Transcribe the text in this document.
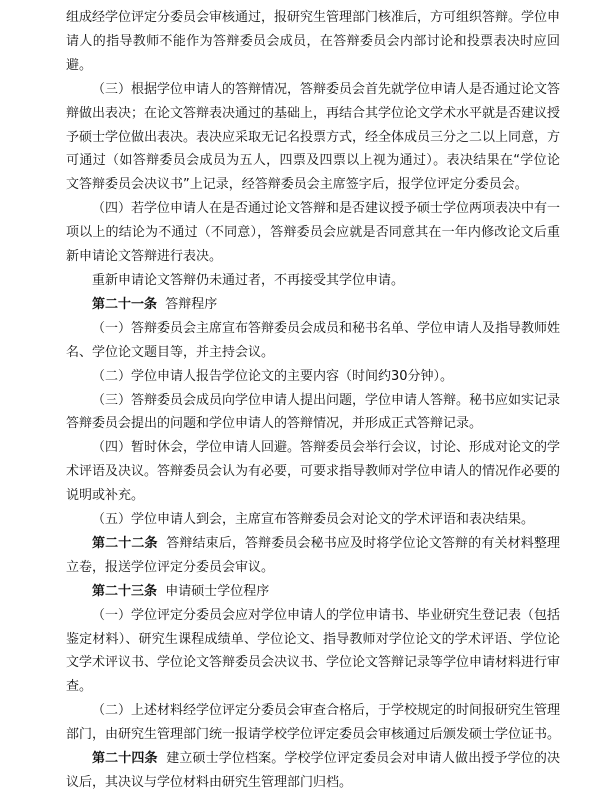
组成经学位评定分委员会审核通过，报研究生管理部门核准后，方可组织答辩。学位申请人的指导教师不能作为答辩委员会成员，在答辩委员会内部讨论和投票表决时应回避。

（三）根据学位申请人的答辩情况，答辩委员会首先就学位申请人是否通过论文答辩做出表决；在论文答辩表决通过的基础上，再结合其学位论文学术水平就是否建议授予硕士学位做出表决。表决应采取无记名投票方式，经全体成员三分之二以上同意，方可通过（如答辩委员会成员为五人，四票及四票以上视为通过）。表决结果在“学位论文答辩委员会决议书”上记录，经答辩委员会主席签字后，报学位评定分委员会。

（四）若学位申请人在是否通过论文答辩和是否建议授予硕士学位两项表决中有一项以上的结论为不通过（不同意），答辩委员会应就是否同意其在一年内修改论文后重新申请论文答辩进行表决。

重新申请论文答辩仍未通过者，不再接受其学位申请。

第二十一条 答辩程序

（一）答辩委员会主席宣布答辩委员会成员和秘书名单、学位申请人及指导教师姓名、学位论文题目等，并主持会议。

（二）学位申请人报告学位论文的主要内容（时间约30分钟）。

（三）答辩委员会成员向学位申请人提出问题，学位申请人答辩。秘书应如实记录答辩委员会提出的问题和学位申请人的答辩情况，并形成正式答辩记录。

（四）暂时休会，学位申请人回避。答辩委员会举行会议，讨论、形成对论文的学术评语及决议。答辩委员会认为有必要，可要求指导教师对学位申请人的情况作必要的说明或补充。

（五）学位申请人到会，主席宣布答辩委员会对论文的学术评语和表决结果。

第二十二条 答辩结束后，答辩委员会秘书应及时将学位论文答辩的有关材料整理立卷，报送学位评定分委员会审议。

第二十三条 申请硕士学位程序

（一）学位评定分委员会应对学位申请人的学位申请书、毕业研究生登记表（包括鉴定材料）、研究生课程成绩单、学位论文、指导教师对学位论文的学术评语、学位论文学术评议书、学位论文答辩委员会决议书、学位论文答辩记录等学位申请材料进行审查。

（二）上述材料经学位评定分委员会审查合格后，于学校规定的时间报研究生管理部门，由研究生管理部门统一报请学校学位评定委员会审核通过后颁发硕士学位证书。

第二十四条 建立硕士学位档案。学校学位评定委员会对申请人做出授予学位的决议后，其决议与学位材料由研究生管理部门归档。
